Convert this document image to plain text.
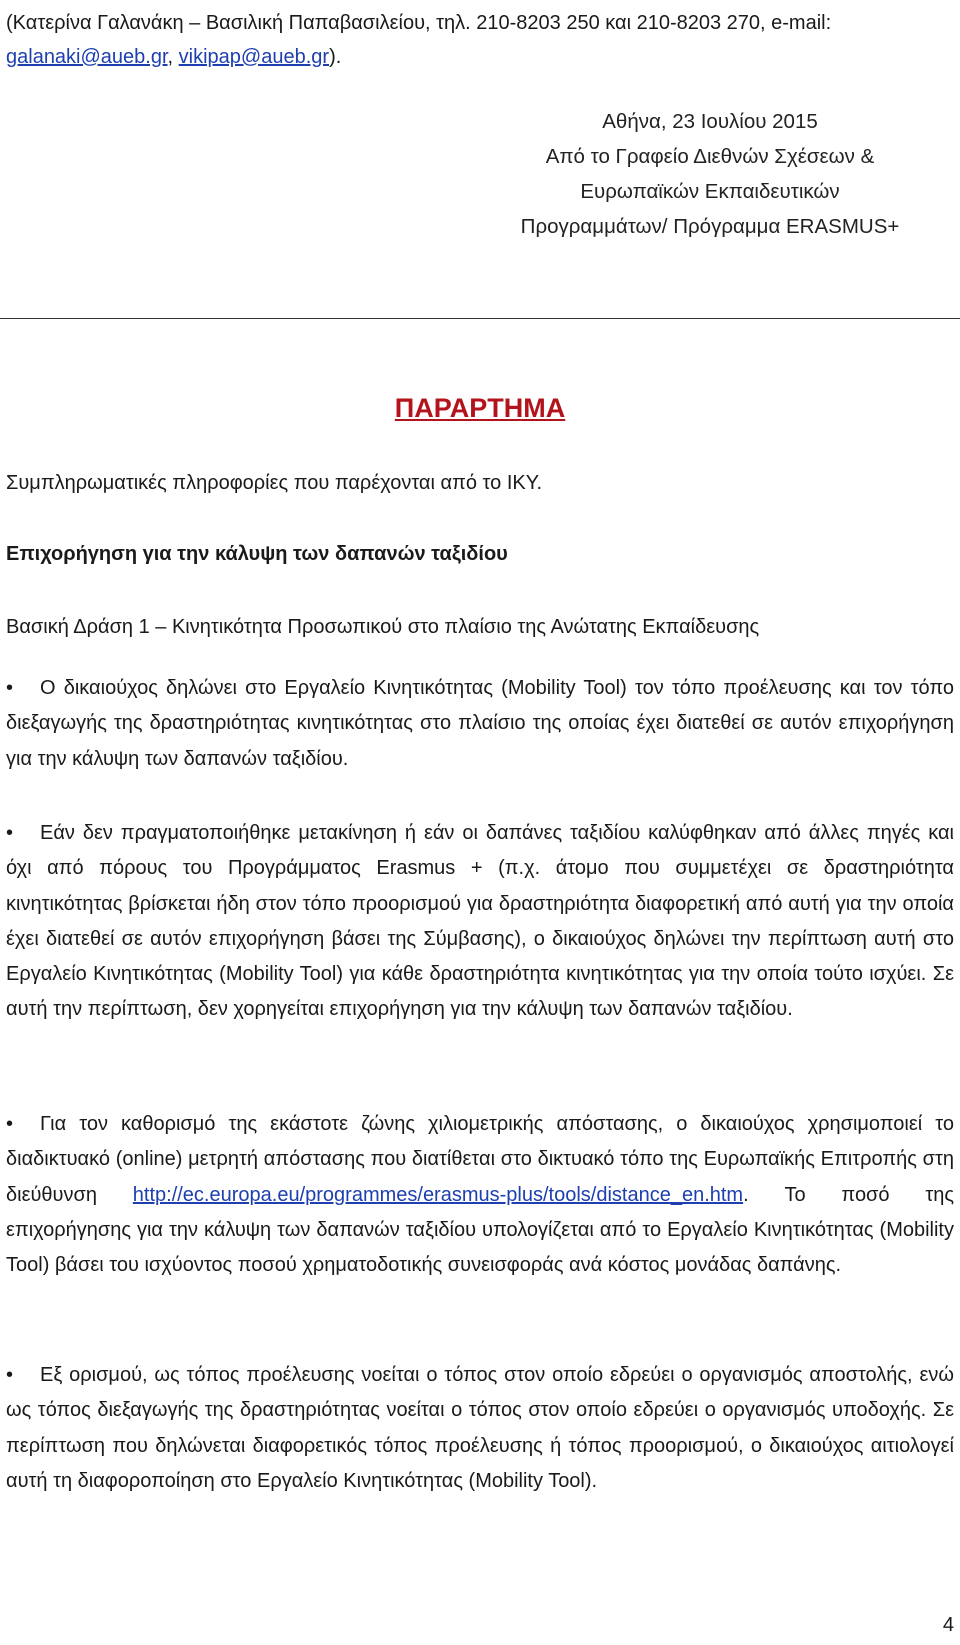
(Κατερίνα Γαλανάκη – Βασιλική Παπαβασιλείου, τηλ. 210-8203 250 και 210-8203 270, e-mail: galanaki@aueb.gr, vikipap@aueb.gr).
Αθήνα, 23 Ιουλίου 2015
Από το Γραφείο Διεθνών Σχέσεων &
Ευρωπαϊκών Εκπαιδευτικών
Προγραμμάτων/ Πρόγραμμα ERASMUS+
ΠΑΡΑΡΤΗΜΑ
Συμπληρωματικές πληροφορίες που παρέχονται από το ΙΚΥ.
Επιχορήγηση για την κάλυψη των δαπανών ταξιδίου
Βασική Δράση 1 – Κινητικότητα Προσωπικού στο πλαίσιο της Ανώτατης Εκπαίδευσης
• Ο δικαιούχος δηλώνει στο Εργαλείο Κινητικότητας (Mobility Tool) τον τόπο προέλευσης και τον τόπο διεξαγωγής της δραστηριότητας κινητικότητας στο πλαίσιο της οποίας έχει διατεθεί σε αυτόν επιχορήγηση για την κάλυψη των δαπανών ταξιδίου.
• Εάν δεν πραγματοποιήθηκε μετακίνηση ή εάν οι δαπάνες ταξιδίου καλύφθηκαν από άλλες πηγές και όχι από πόρους του Προγράμματος Erasmus + (π.χ. άτομο που συμμετέχει σε δραστηριότητα κινητικότητας βρίσκεται ήδη στον τόπο προορισμού για δραστηριότητα διαφορετική από αυτή για την οποία έχει διατεθεί σε αυτόν επιχορήγηση βάσει της Σύμβασης), ο δικαιούχος δηλώνει την περίπτωση αυτή στο Εργαλείο Κινητικότητας (Mobility Tool) για κάθε δραστηριότητα κινητικότητας για την οποία τούτο ισχύει. Σε αυτή την περίπτωση, δεν χορηγείται επιχορήγηση για την κάλυψη των δαπανών ταξιδίου.
• Για τον καθορισμό της εκάστοτε ζώνης χιλιομετρικής απόστασης, ο δικαιούχος χρησιμοποιεί το διαδικτυακό (online) μετρητή απόστασης που διατίθεται στο δικτυακό τόπο της Ευρωπαϊκής Επιτροπής στη διεύθυνση http://ec.europa.eu/programmes/erasmus-plus/tools/distance_en.htm. Το ποσό της επιχορήγησης για την κάλυψη των δαπανών ταξιδίου υπολογίζεται από το Εργαλείο Κινητικότητας (Mobility Tool) βάσει του ισχύοντος ποσού χρηματοδοτικής συνεισφοράς ανά κόστος μονάδας δαπάνης.
• Εξ ορισμού, ως τόπος προέλευσης νοείται ο τόπος στον οποίο εδρεύει ο οργανισμός αποστολής, ενώ ως τόπος διεξαγωγής της δραστηριότητας νοείται ο τόπος στον οποίο εδρεύει ο οργανισμός υποδοχής. Σε περίπτωση που δηλώνεται διαφορετικός τόπος προέλευσης ή τόπος προορισμού, ο δικαιούχος αιτιολογεί αυτή τη διαφοροποίηση στο Εργαλείο Κινητικότητας (Mobility Tool).
4
